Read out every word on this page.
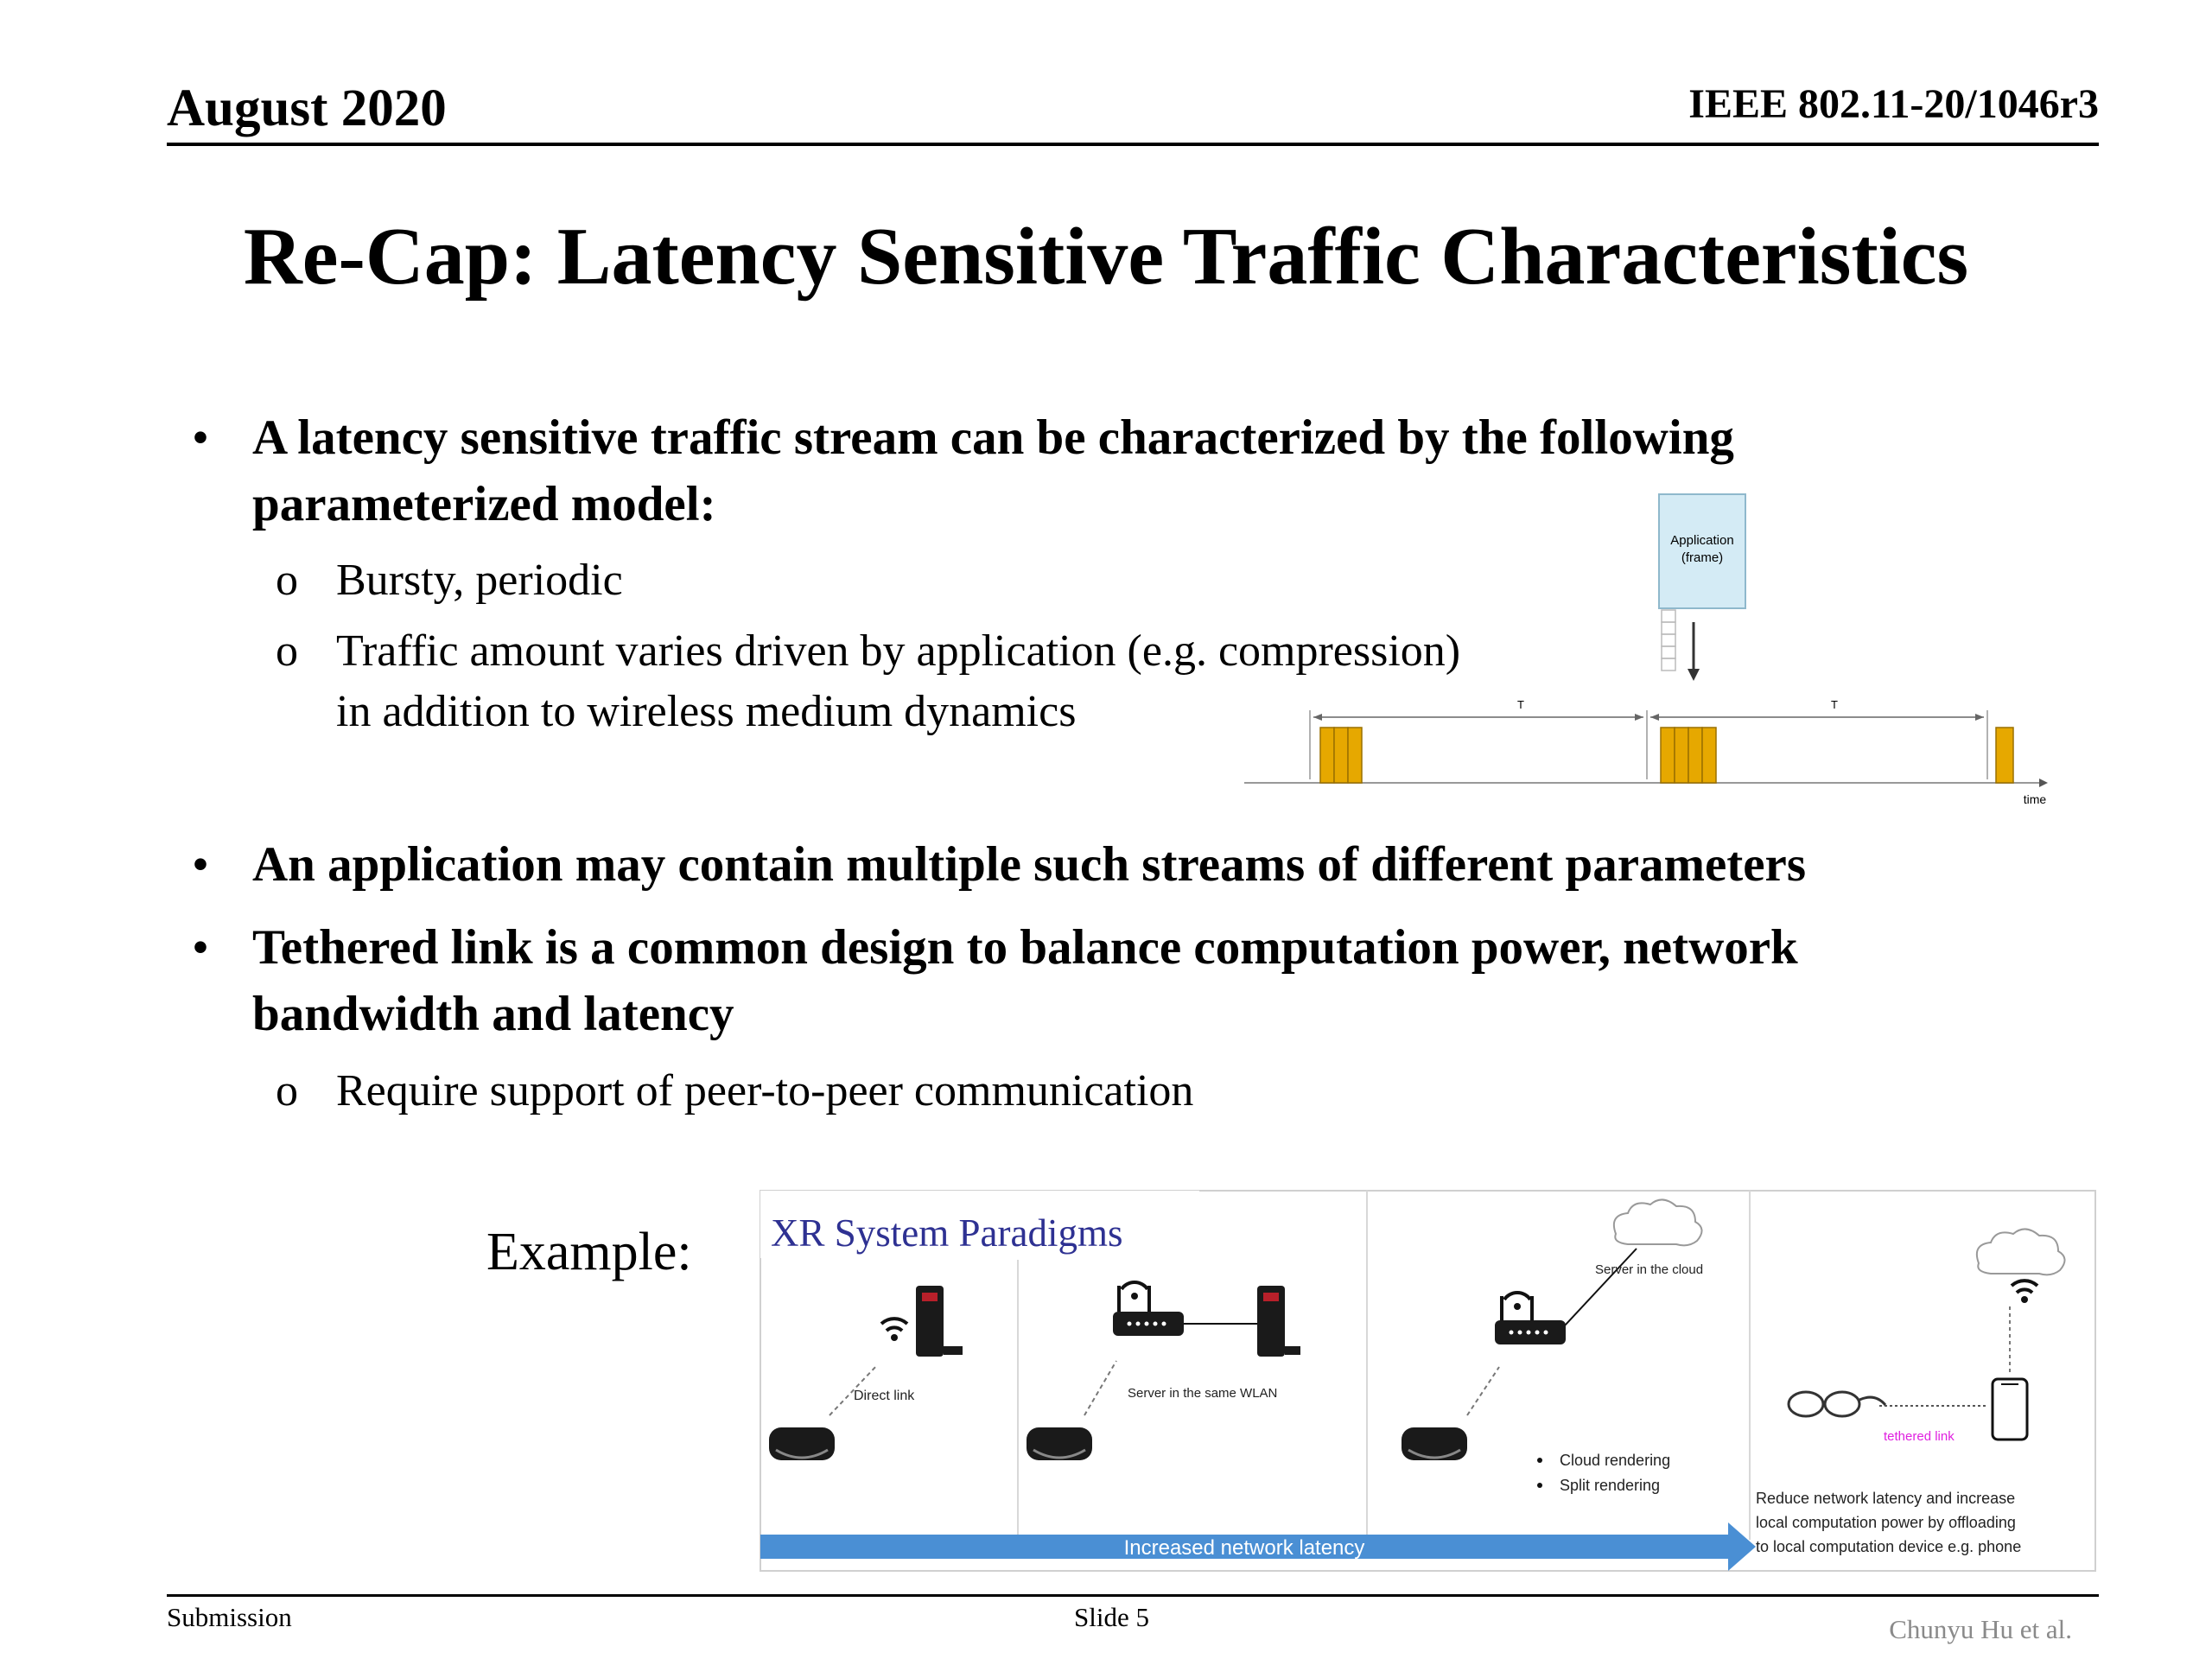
August 2020	IEEE 802.11-20/1046r3
Re-Cap: Latency Sensitive Traffic Characteristics
• A latency sensitive traffic stream can be characterized by the following
parameterized model:
o Bursty, periodic
o Traffic amount varies driven by application (e.g. compression)
in addition to wireless medium dynamics
Application
(frame)
T	T
time
• An application may contain multiple such streams of different parameters
• Tethered link is a common design to balance computation power, network
bandwidth and latency
o Require support of peer-to-peer communication
Example: XR System Paradigms
Direct link	Server in the same WLAN
Server in the cloud
Cloud rendering
Split rendering
tethered link
Reduce network latency and increase
local computation power by offloading
to local computation device e.g. phone
Increased network latency
Submission	Slide 5	Chunyu Hu et al.
